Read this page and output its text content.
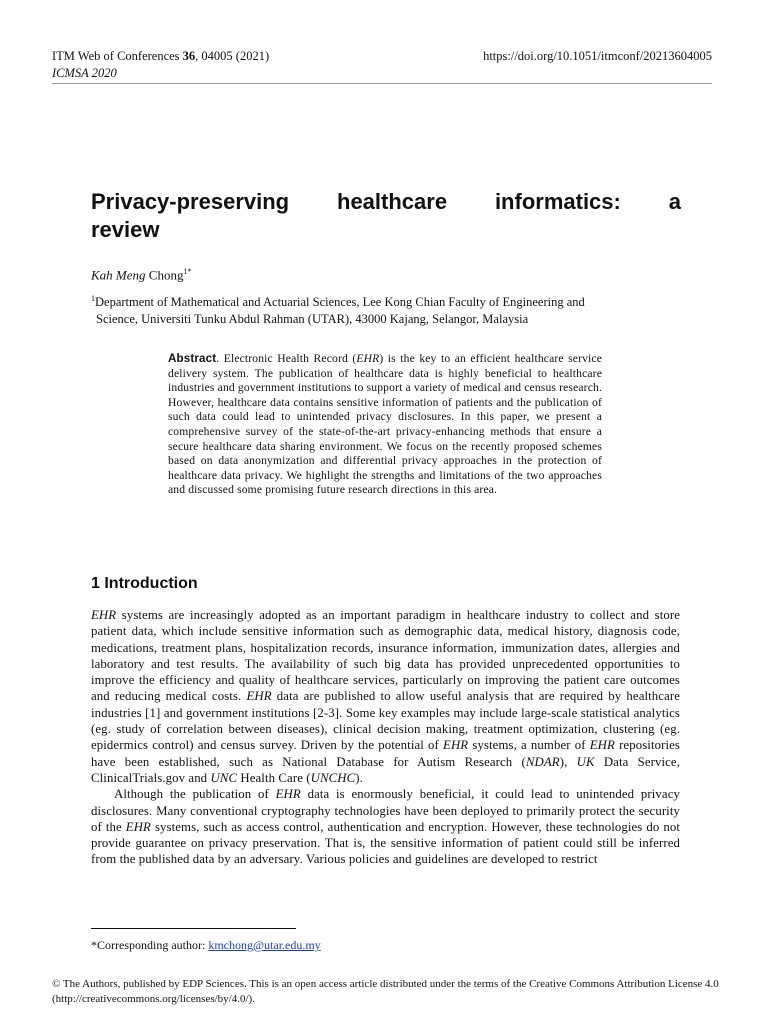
ITM Web of Conferences 36, 04005 (2021)
ICMSA 2020
https://doi.org/10.1051/itmconf/20213604005
Privacy-preserving healthcare informatics: a
review
Kah Meng Chong$^{1*}$
$^1$Department of Mathematical and Actuarial Sciences, Lee Kong Chian Faculty of Engineering and
Science, Universiti Tunku Abdul Rahman (UTAR), 43000 Kajang, Selangor, Malaysia
Abstract. Electronic Health Record (EHR) is the key to an efficient healthcare service delivery system. The publication of healthcare data is highly beneficial to healthcare industries and government institutions to support a variety of medical and census research. However, healthcare data contains sensitive information of patients and the publication of such data could lead to unintended privacy disclosures. In this paper, we present a comprehensive survey of the state-of-the-art privacy-enhancing methods that ensure a secure healthcare data sharing environment. We focus on the recently proposed schemes based on data anonymization and differential privacy approaches in the protection of healthcare data privacy. We highlight the strengths and limitations of the two approaches and discussed some promising future research directions in this area.
1 Introduction

EHR systems are increasingly adopted as an important paradigm in healthcare industry to collect and store patient data, which include sensitive information such as demographic data, medical history, diagnosis code, medications, treatment plans, hospitalization records, insurance information, immunization dates, allergies and laboratory and test results. The availability of such big data has provided unprecedented opportunities to improve the efficiency and quality of healthcare services, particularly on improving the patient care outcomes and reducing medical costs. EHR data are published to allow useful analysis that are required by healthcare industries [1] and government institutions [2-3]. Some key examples may include large-scale statistical analytics (eg. study of correlation between diseases), clinical decision making, treatment optimization, clustering (eg. epidermics control) and census survey. Driven by the potential of EHR systems, a number of EHR repositories have been established, such as National Database for Autism Research (NDAR), UK Data Service, ClinicalTrials.gov and UNC Health Care (UNCHC).

Although the publication of EHR data is enormously beneficial, it could lead to unintended privacy disclosures. Many conventional cryptography technologies have been deployed to primarily protect the security of the EHR systems, such as access control, authentication and encryption. However, these technologies do not provide guarantee on privacy preservation. That is, the sensitive information of patient could still be inferred from the published data by an adversary. Various policies and guidelines are developed to restrict

*Corresponding author: kmchong@utar.edu.my
© The Authors, published by EDP Sciences. This is an open access article distributed under the terms of the Creative Commons Attribution License 4.0 (http://creativecommons.org/licenses/by/4.0/).
